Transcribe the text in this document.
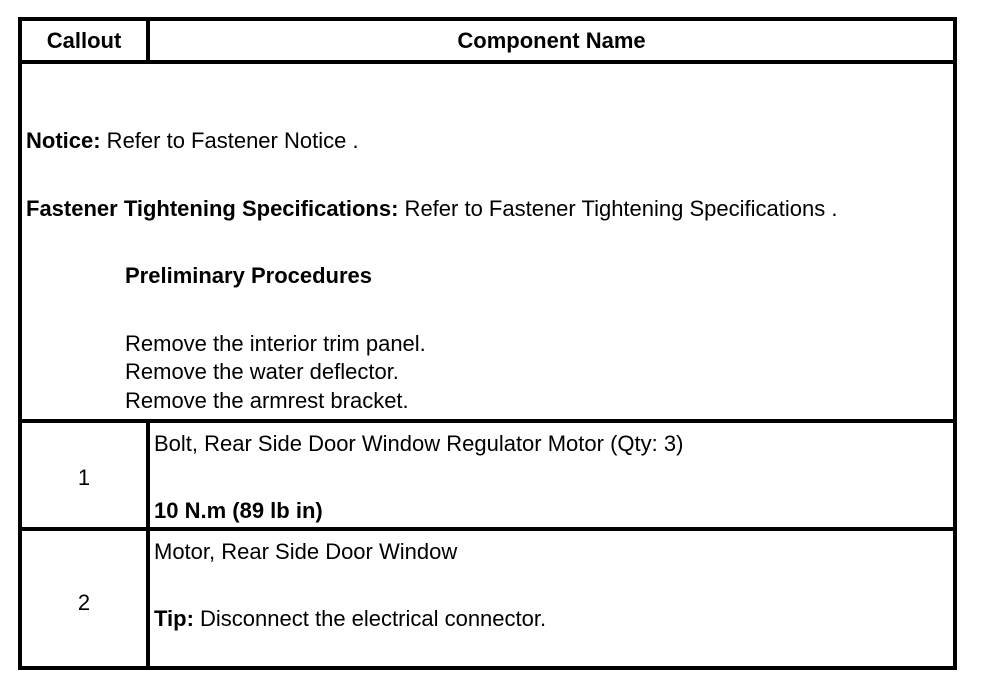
Callout	Component Name
Notice: Refer to Fastener Notice .
Fastener Tightening Specifications: Refer to Fastener Tightening Specifications .
Preliminary Procedures
Remove the interior trim panel.
Remove the water deflector.
Remove the armrest bracket.
1
Bolt, Rear Side Door Window Regulator Motor (Qty: 3)
10 N.m (89 lb in)
2
Motor, Rear Side Door Window
Tip: Disconnect the electrical connector.
